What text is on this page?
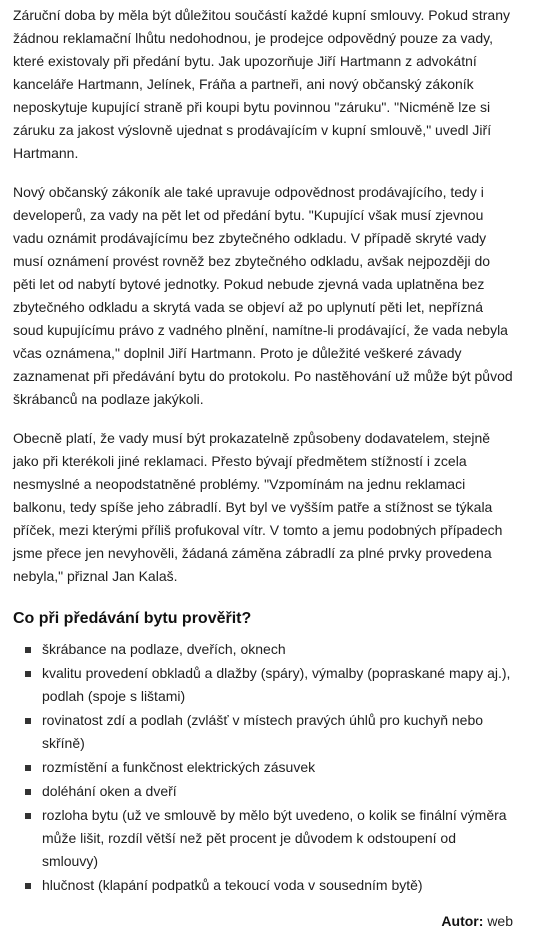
Záruční doba by měla být důležitou součástí každé kupní smlouvy. Pokud strany žádnou reklamační lhůtu nedohodnou, je prodejce odpovědný pouze za vady, které existovaly při předání bytu. Jak upozorňuje Jiří Hartmann z advokátní kanceláře Hartmann, Jelínek, Fráňa a partneři, ani nový občanský zákoník neposkytuje kupující straně při koupi bytu povinnou "záruku". "Nicméně lze si záruku za jakost výslovně ujednat s prodávajícím v kupní smlouvě," uvedl Jiří Hartmann.

Nový občanský zákoník ale také upravuje odpovědnost prodávajícího, tedy i developerů, za vady na pět let od předání bytu. "Kupující však musí zjevnou vadu oznámit prodávajícímu bez zbytečného odkladu. V případě skryté vady musí oznámení provést rovněž bez zbytečného odkladu, avšak nejpozději do pěti let od nabytí bytové jednotky. Pokud nebude zjevná vada uplatněna bez zbytečného odkladu a skrytá vada se objeví až po uplynutí pěti let, nepřízná soud kupujícímu právo z vadného plnění, namítne-li prodávající, že vada nebyla včas oznámena," doplnil Jiří Hartmann. Proto je důležité veškeré závady zaznamenat při předávání bytu do protokolu. Po nastěhování už může být původ škrábanců na podlaze jakýkoli.

Obecně platí, že vady musí být prokazatelně způsobeny dodavatelem, stejně jako při kterékoli jiné reklamaci. Přesto bývají předmětem stížností i zcela nesmyslné a neopodstatněné problémy. "Vzpomínám na jednu reklamaci balkonu, tedy spíše jeho zábradlí. Byt byl ve vyšším patře a stížnost se týkala příček, mezi kterými příliš profukoval vítr. V tomto a jemu podobných případech jsme přece jen nevyhověli, žádaná záměna zábradlí za plné prvky provedena nebyla," přiznal Jan Kalaš.

Co při předávání bytu prověřit?
škrábance na podlaze, dveřích, oknech
kvalitu provedení obkladů a dlažby (spáry), výmalby (popraskané mapy aj.), podlah (spoje s lištami)
rovinatost zdí a podlah (zvlášť v místech pravých úhlů pro kuchyň nebo skříně)
rozmístění a funkčnost elektrických zásuvek
doléhání oken a dveří
rozloha bytu (už ve smlouvě by mělo být uvedeno, o kolik se finální výměra může lišit, rozdíl větší než pět procent je důvodem k odstoupení od smlouvy)
hlučnost (klapání podpatků a tekoucí voda v sousedním bytě)
Autor: web
